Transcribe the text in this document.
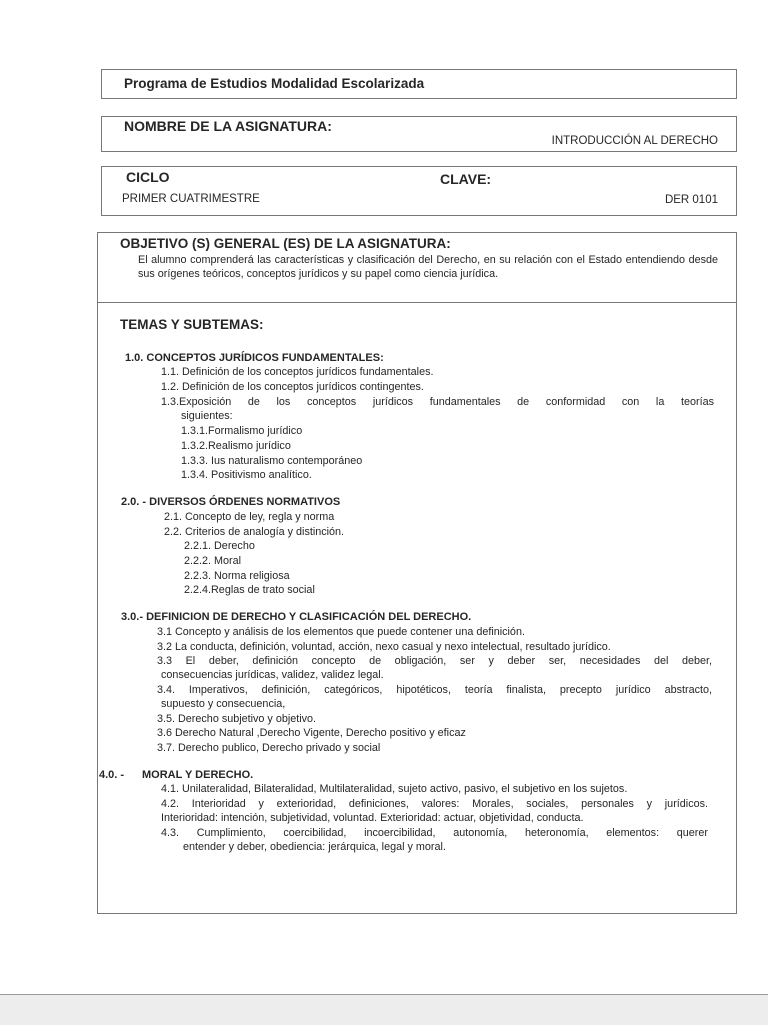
Programa de Estudios Modalidad Escolarizada
NOMBRE DE LA ASIGNATURA:
INTRODUCCIÓN AL DERECHO
CICLO	CLAVE:
PRIMER CUATRIMESTRE	DER 0101
OBJETIVO (S) GENERAL (ES) DE LA ASIGNATURA:
El alumno comprenderá las características y clasificación del Derecho, en su relación con el Estado entendiendo desde sus orígenes teóricos, conceptos jurídicos y su papel como ciencia jurídica.
TEMAS Y SUBTEMAS:
1.0. CONCEPTOS JURÍDICOS FUNDAMENTALES:
1.1. Definición de los conceptos jurídicos fundamentales.
1.2. Definición de los conceptos jurídicos contingentes.
1.3.Exposición de los conceptos jurídicos fundamentales de conformidad con la teorías
siguientes:
1.3.1.Formalismo jurídico
1.3.2.Realismo jurídico
1.3.3. Ius naturalismo contemporáneo
1.3.4. Positivismo analítico.
2.0. - DIVERSOS ÓRDENES NORMATIVOS
2.1. Concepto de ley, regla y norma
2.2. Criterios de analogía y distinción.
2.2.1. Derecho
2.2.2. Moral
2.2.3. Norma religiosa
2.2.4.Reglas de trato social
3.0.- DEFINICION DE DERECHO Y CLASIFICACIÓN DEL DERECHO.
3.1 Concepto y análisis de los elementos que puede contener una definición.
3.2 La conducta, definición, voluntad, acción, nexo casual y nexo intelectual, resultado jurídico.
3.3 El deber, definición concepto de obligación, ser y deber ser, necesidades del deber,
consecuencias jurídicas, validez, validez legal.
3.4. Imperativos, definición, categóricos, hipotéticos, teoría finalista, precepto jurídico abstracto,
supuesto y consecuencia,
3.5. Derecho subjetivo y objetivo.
3.6 Derecho Natural ,Derecho Vigente, Derecho positivo y eficaz
3.7. Derecho publico, Derecho privado y social
4.0. - MORAL Y DERECHO.
4.1. Unilateralidad, Bilateralidad, Multilateralidad, sujeto activo, pasivo, el subjetivo en los sujetos.
4.2. Interioridad y exterioridad, definiciones, valores: Morales, sociales, personales y jurídicos.
Interioridad: intención, subjetividad, voluntad. Exterioridad: actuar, objetividad, conducta.
4.3. Cumplimiento, coercibilidad, incoercibilidad, autonomía, heteronomía, elementos: querer
entender y deber, obediencia: jerárquica, legal y moral.
